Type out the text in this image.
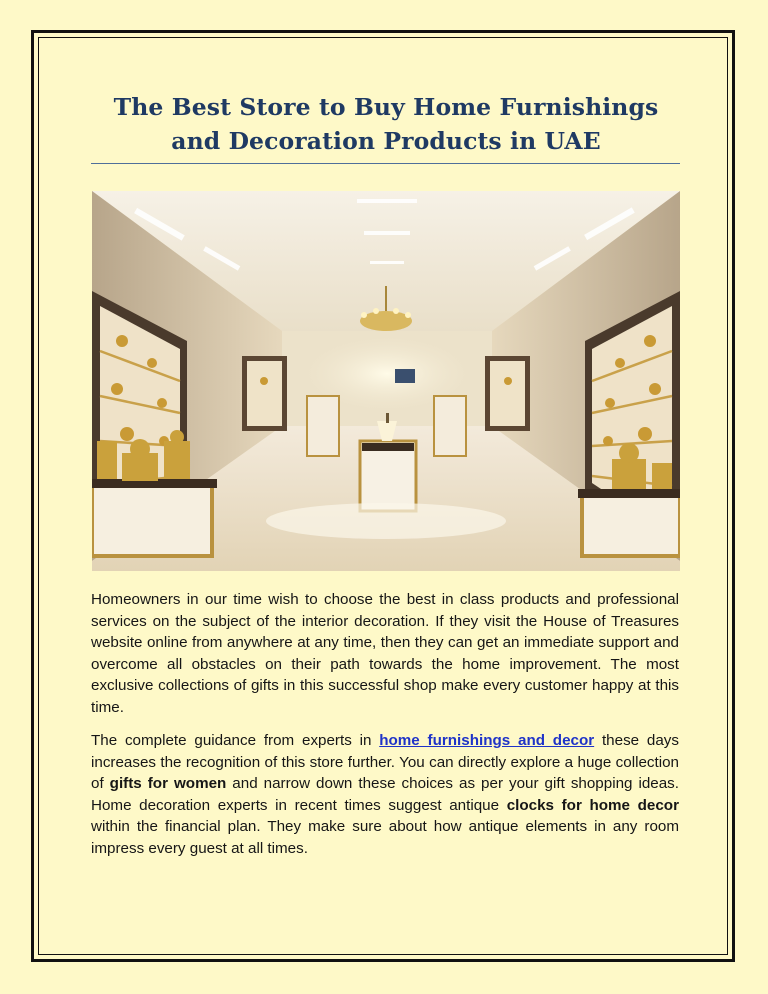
The Best Store to Buy Home Furnishings and Decoration Products in UAE

Homeowners in our time wish to choose the best in class products and professional services on the subject of the interior decoration. If they visit the House of Treasures website online from anywhere at any time, then they can get an immediate support and overcome all obstacles on their path towards the home improvement. The most exclusive collections of gifts in this successful shop make every customer happy at this time.

The complete guidance from experts in home furnishings and decor these days increases the recognition of this store further. You can directly explore a huge collection of gifts for women and narrow down these choices as per your gift shopping ideas. Home decoration experts in recent times suggest antique clocks for home decor within the financial plan. They make sure about how antique elements in any room impress every guest at all times.
